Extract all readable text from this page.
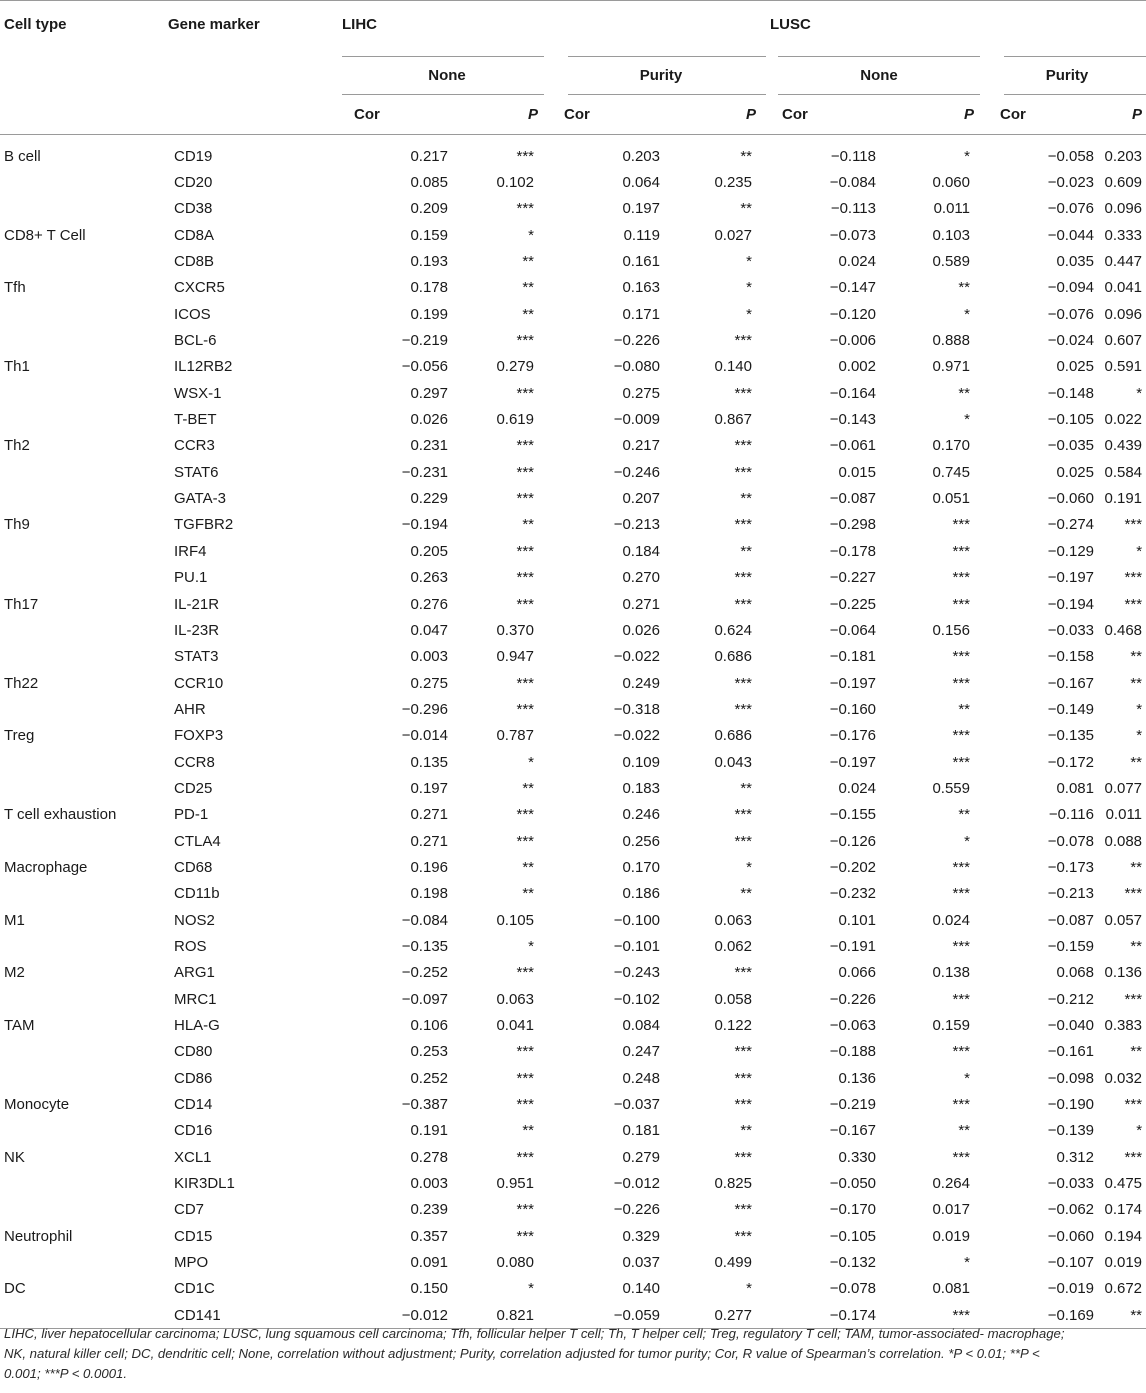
Cell type	Gene marker	LIHC				LUSC			

None		Purity		None		Purity	

Cor	P	Cor	P	Cor	P	Cor	P
B cell	CD19	0.217	***	0.203	**	−0.118	*	−0.058	0.203
	CD20	0.085	0.102	0.064	0.235	−0.084	0.060	−0.023	0.609
	CD38	0.209	***	0.197	**	−0.113	0.011	−0.076	0.096
CD8+ T Cell	CD8A	0.159	*	0.119	0.027	−0.073	0.103	−0.044	0.333
	CD8B	0.193	**	0.161	*	0.024	0.589	0.035	0.447
Tfh	CXCR5	0.178	**	0.163	*	−0.147	**	−0.094	0.041
	ICOS	0.199	**	0.171	*	−0.120	*	−0.076	0.096
	BCL-6	−0.219	***	−0.226	***	−0.006	0.888	−0.024	0.607
Th1	IL12RB2	−0.056	0.279	−0.080	0.140	0.002	0.971	0.025	0.591
	WSX-1	0.297	***	0.275	***	−0.164	**	−0.148	*
	T-BET	0.026	0.619	−0.009	0.867	−0.143	*	−0.105	0.022
Th2	CCR3	0.231	***	0.217	***	−0.061	0.170	−0.035	0.439
	STAT6	−0.231	***	−0.246	***	0.015	0.745	0.025	0.584
	GATA-3	0.229	***	0.207	**	−0.087	0.051	−0.060	0.191
Th9	TGFBR2	−0.194	**	−0.213	***	−0.298	***	−0.274	***
	IRF4	0.205	***	0.184	**	−0.178	***	−0.129	*
	PU.1	0.263	***	0.270	***	−0.227	***	−0.197	***
Th17	IL-21R	0.276	***	0.271	***	−0.225	***	−0.194	***
	IL-23R	0.047	0.370	0.026	0.624	−0.064	0.156	−0.033	0.468
	STAT3	0.003	0.947	−0.022	0.686	−0.181	***	−0.158	**
Th22	CCR10	0.275	***	0.249	***	−0.197	***	−0.167	**
	AHR	−0.296	***	−0.318	***	−0.160	**	−0.149	*
Treg	FOXP3	−0.014	0.787	−0.022	0.686	−0.176	***	−0.135	*
	CCR8	0.135	*	0.109	0.043	−0.197	***	−0.172	**
	CD25	0.197	**	0.183	**	0.024	0.559	0.081	0.077
T cell exhaustion	PD-1	0.271	***	0.246	***	−0.155	**	−0.116	0.011
	CTLA4	0.271	***	0.256	***	−0.126	*	−0.078	0.088
Macrophage	CD68	0.196	**	0.170	*	−0.202	***	−0.173	**
	CD11b	0.198	**	0.186	**	−0.232	***	−0.213	***
M1	NOS2	−0.084	0.105	−0.100	0.063	0.101	0.024	−0.087	0.057
	ROS	−0.135	*	−0.101	0.062	−0.191	***	−0.159	**
M2	ARG1	−0.252	***	−0.243	***	0.066	0.138	0.068	0.136
	MRC1	−0.097	0.063	−0.102	0.058	−0.226	***	−0.212	***
TAM	HLA-G	0.106	0.041	0.084	0.122	−0.063	0.159	−0.040	0.383
	CD80	0.253	***	0.247	***	−0.188	***	−0.161	**
	CD86	0.252	***	0.248	***	0.136	*	−0.098	0.032
Monocyte	CD14	−0.387	***	−0.037	***	−0.219	***	−0.190	***
	CD16	0.191	**	0.181	**	−0.167	**	−0.139	*
NK	XCL1	0.278	***	0.279	***	0.330	***	0.312	***
	KIR3DL1	0.003	0.951	−0.012	0.825	−0.050	0.264	−0.033	0.475
	CD7	0.239	***	−0.226	***	−0.170	0.017	−0.062	0.174
Neutrophil	CD15	0.357	***	0.329	***	−0.105	0.019	−0.060	0.194
	MPO	0.091	0.080	0.037	0.499	−0.132	*	−0.107	0.019
DC	CD1C	0.150	*	0.140	*	−0.078	0.081	−0.019	0.672
	CD141	−0.012	0.821	−0.059	0.277	−0.174	***	−0.169	**
LIHC, liver hepatocellular carcinoma; LUSC, lung squamous cell carcinoma; Tfh, follicular helper T cell; Th, T helper cell; Treg, regulatory T cell; TAM, tumor-associated- macrophage;
NK, natural killer cell; DC, dendritic cell; None, correlation without adjustment; Purity, correlation adjusted for tumor purity; Cor, R value of Spearman’s correlation. *P < 0.01; **P <
0.001; ***P < 0.0001.
